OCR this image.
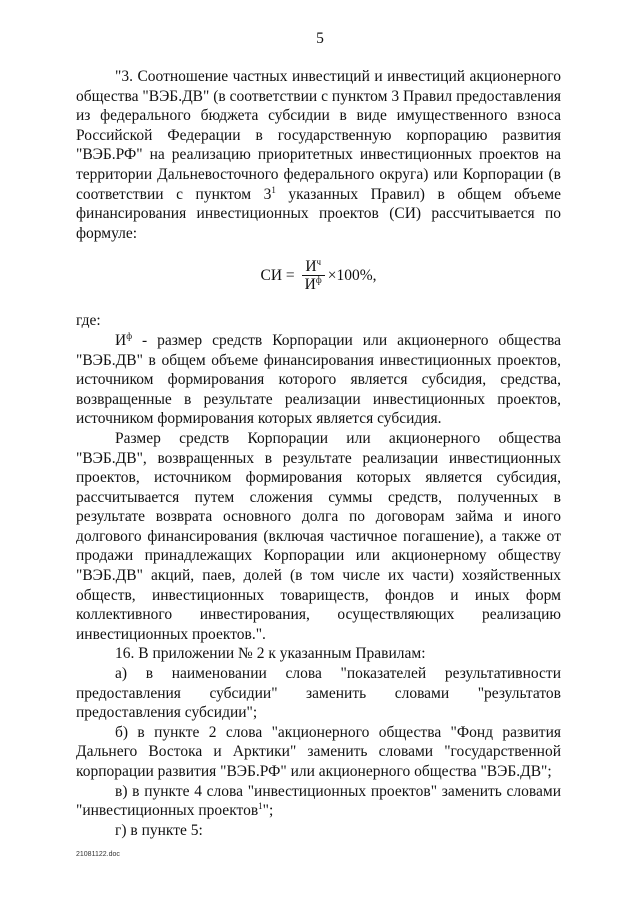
5

"3. Соотношение частных инвестиций и инвестиций акционерного общества "ВЭБ.ДВ" (в соответствии с пунктом 3 Правил предоставления из федерального бюджета субсидии в виде имущественного взноса Российской Федерации в государственную корпорацию развития "ВЭБ.РФ" на реализацию приоритетных инвестиционных проектов на территории Дальневосточного федерального округа) или Корпорации (в соответствии с пунктом $3^1$ указанных Правил) в общем объеме финансирования инвестиционных проектов (СИ) рассчитывается по формуле:

СИ = $\frac{И^ч}{И^ф} \times 100\%$,

где:

$И^ф$ - размер средств Корпорации или акционерного общества "ВЭБ.ДВ" в общем объеме финансирования инвестиционных проектов, источником формирования которого является субсидия, средства, возвращенные в результате реализации инвестиционных проектов, источником формирования которых является субсидия.

Размер средств Корпорации или акционерного общества "ВЭБ.ДВ", возвращенных в результате реализации инвестиционных проектов, источником формирования которых является субсидия, рассчитывается путем сложения суммы средств, полученных в результате возврата основного долга по договорам займа и иного долгового финансирования (включая частичное погашение), а также от продажи принадлежащих Корпорации или акционерному обществу "ВЭБ.ДВ" акций, паев, долей (в том числе их части) хозяйственных обществ, инвестиционных товариществ, фондов и иных форм коллективного инвестирования, осуществляющих реализацию инвестиционных проектов.".

16. В приложении № 2 к указанным Правилам:

а) в наименовании слова "показателей результативности предоставления субсидии" заменить словами "результатов предоставления субсидии";

б) в пункте 2 слова "акционерного общества "Фонд развития Дальнего Востока и Арктики" заменить словами "государственной корпорации развития "ВЭБ.РФ" или акционерного общества "ВЭБ.ДВ";

в) в пункте 4 слова "инвестиционных проектов" заменить словами "инвестиционных проектов$^1$";

г) в пункте 5:

21081122.doc
